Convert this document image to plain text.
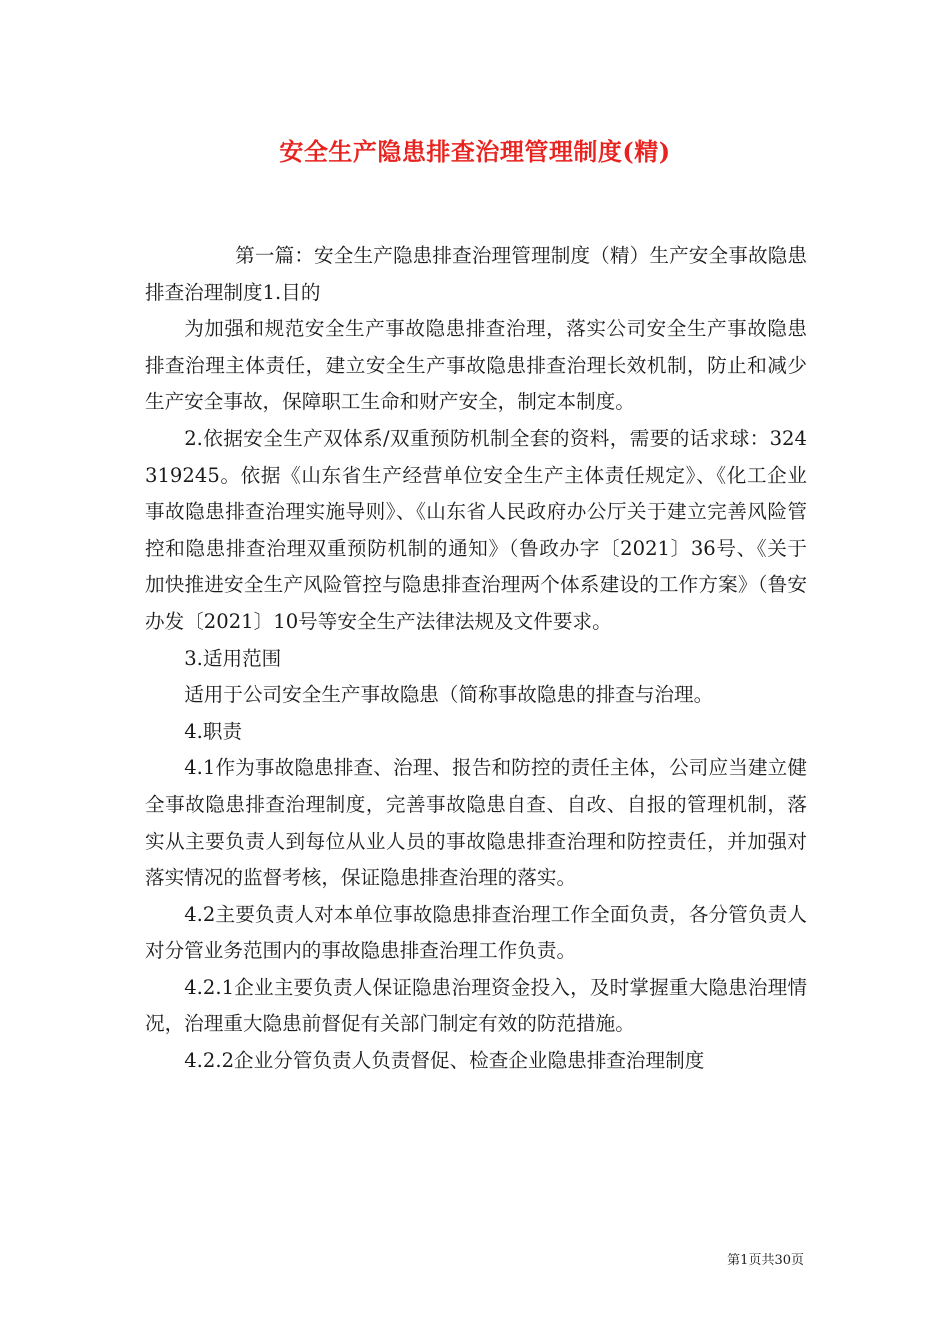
安全生产隐患排查治理管理制度(精)

第一篇：安全生产隐患排查治理管理制度（精）生产安全事故隐患排查治理制度1.目的

为加强和规范安全生产事故隐患排查治理，落实公司安全生产事故隐患排查治理主体责任，建立安全生产事故隐患排查治理长效机制，防止和减少生产安全事故，保障职工生命和财产安全，制定本制度。

2.依据安全生产双体系/双重预防机制全套的资料，需要的话求球：324319245。依据《山东省生产经营单位安全生产主体责任规定》、《化工企业事故隐患排查治理实施导则》、《山东省人民政府办公厅关于建立完善风险管控和隐患排查治理双重预防机制的通知》（鲁政办字〔2021〕36号、《关于加快推进安全生产风险管控与隐患排查治理两个体系建设的工作方案》（鲁安办发〔2021〕10号等安全生产法律法规及文件要求。

3.适用范围

适用于公司安全生产事故隐患（简称事故隐患的排查与治理。

4.职责

4.1作为事故隐患排查、治理、报告和防控的责任主体，公司应当建立健全事故隐患排查治理制度，完善事故隐患自查、自改、自报的管理机制，落实从主要负责人到每位从业人员的事故隐患排查治理和防控责任，并加强对落实情况的监督考核，保证隐患排查治理的落实。

4.2主要负责人对本单位事故隐患排查治理工作全面负责，各分管负责人对分管业务范围内的事故隐患排查治理工作负责。

4.2.1企业主要负责人保证隐患治理资金投入，及时掌握重大隐患治理情况，治理重大隐患前督促有关部门制定有效的防范措施。

4.2.2企业分管负责人负责督促、检查企业隐患排查治理制度

第1页共30页
